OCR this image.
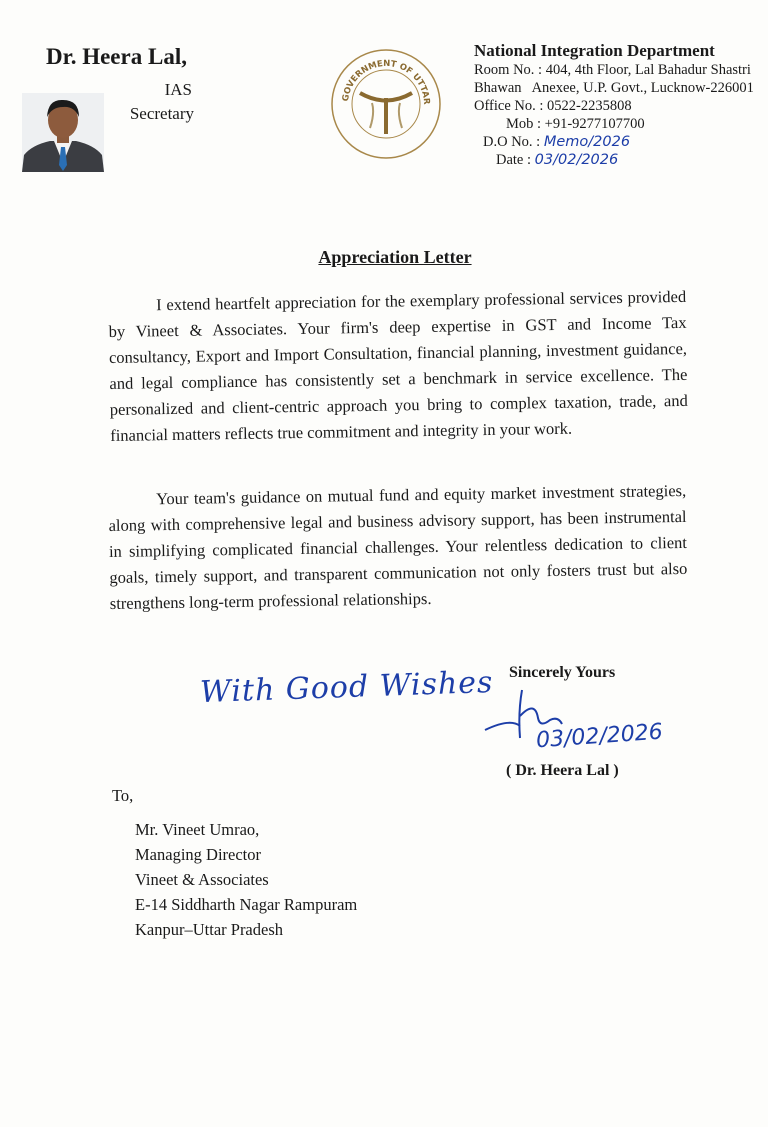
Dr. Heera Lal,
IAS
Secretary
GOVERNMENT OF UTTAR
National Integration Department
Room No. : 404, 4th Floor, Lal Bahadur Shastri
Bhawan   Anexee, U.P. Govt., Lucknow-226001
Office No. : 0522-2235808
Mob : +91-9277107700
D.O No. : Memo/2026
Date : 03/02/2026
Appreciation Letter

I extend heartfelt appreciation for the exemplary professional services provided by Vineet & Associates. Your firm's deep expertise in GST and Income Tax consultancy, Export and Import Consultation, financial planning, investment guidance, and legal compliance has consistently set a benchmark in service excellence. The personalized and client-centric approach you bring to complex taxation, trade, and financial matters reflects true commitment and integrity in your work.

Your team's guidance on mutual fund and equity market investment strategies, along with comprehensive legal and business advisory support, has been instrumental in simplifying complicated financial challenges. Your relentless dedication to client goals, timely support, and transparent communication not only fosters trust but also strengthens long-term professional relationships.

With Good Wishes Sincerely Yours
03/02/2026
( Dr. Heera Lal )
To,
Mr. Vineet Umrao,
Managing Director
Vineet & Associates
E-14 Siddharth Nagar Rampuram
Kanpur–Uttar Pradesh
